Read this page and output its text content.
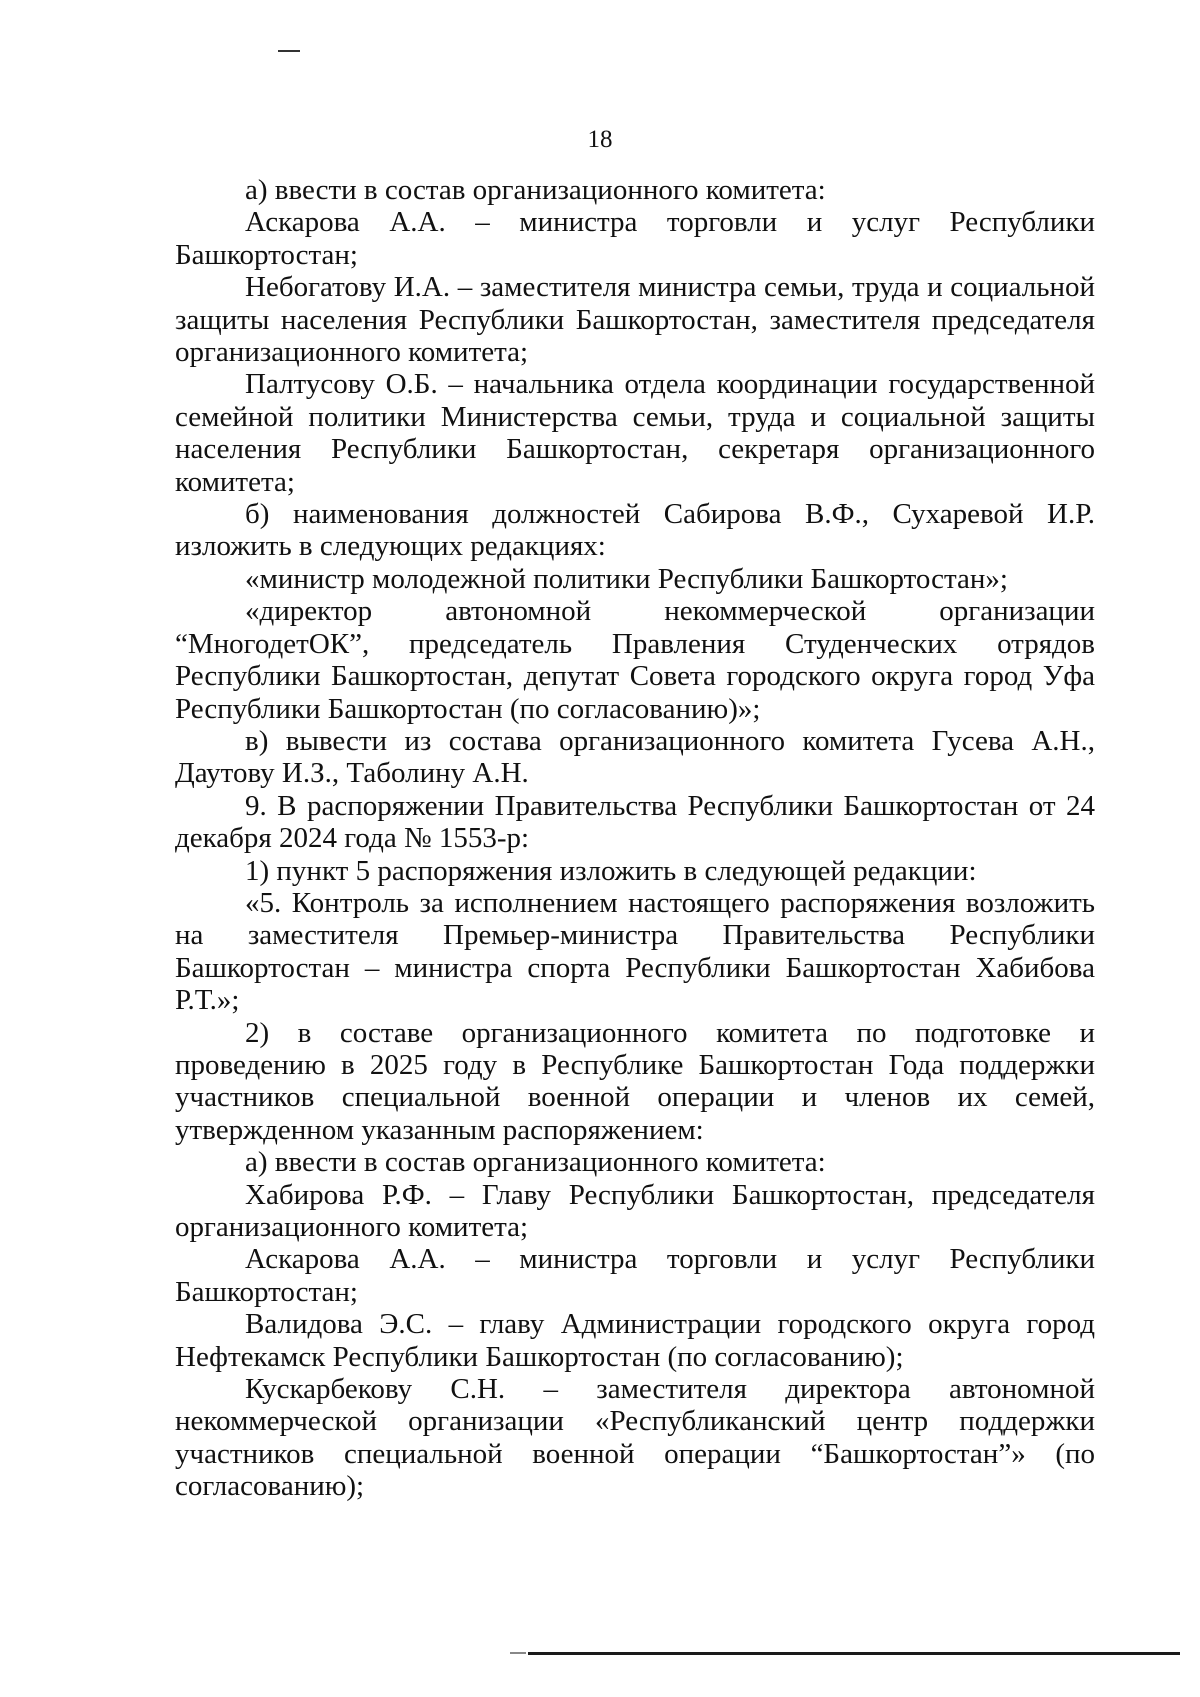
18

а) ввести в состав организационного комитета:

Аскарова А.А. – министра торговли и услуг Республики Башкортостан;

Небогатову И.А. – заместителя министра семьи, труда и социальной защиты населения Республики Башкортостан, заместителя председателя организационного комитета;

Палтусову О.Б. – начальника отдела координации государственной семейной политики Министерства семьи, труда и социальной защиты населения Республики Башкортостан, секретаря организационного комитета;

б) наименования должностей Сабирова В.Ф., Сухаревой И.Р. изложить в следующих редакциях:

«министр молодежной политики Республики Башкортостан»;

«директор автономной некоммерческой организации “МногодетОК”, председатель Правления Студенческих отрядов Республики Башкортостан, депутат Совета городского округа город Уфа Республики Башкортостан (по согласованию)»;

в) вывести из состава организационного комитета Гусева А.Н., Даутову И.З., Таболину А.Н.

9. В распоряжении Правительства Республики Башкортостан от 24 декабря 2024 года № 1553-р:

1) пункт 5 распоряжения изложить в следующей редакции:

«5. Контроль за исполнением настоящего распоряжения возложить на заместителя Премьер-министра Правительства Республики Башкортостан – министра спорта Республики Башкортостан Хабибова Р.Т.»;

2) в составе организационного комитета по подготовке и проведению в 2025 году в Республике Башкортостан Года поддержки участников специальной военной операции и членов их семей, утвержденном указанным распоряжением:

а) ввести в состав организационного комитета:

Хабирова Р.Ф. – Главу Республики Башкортостан, председателя организационного комитета;

Аскарова А.А. – министра торговли и услуг Республики Башкортостан;

Валидова Э.С. – главу Администрации городского округа город Нефтекамск Республики Башкортостан (по согласованию);

Кускарбекову С.Н. – заместителя директора автономной некоммерческой организации «Республиканский центр поддержки участников специальной военной операции “Башкортостан”» (по согласованию);
